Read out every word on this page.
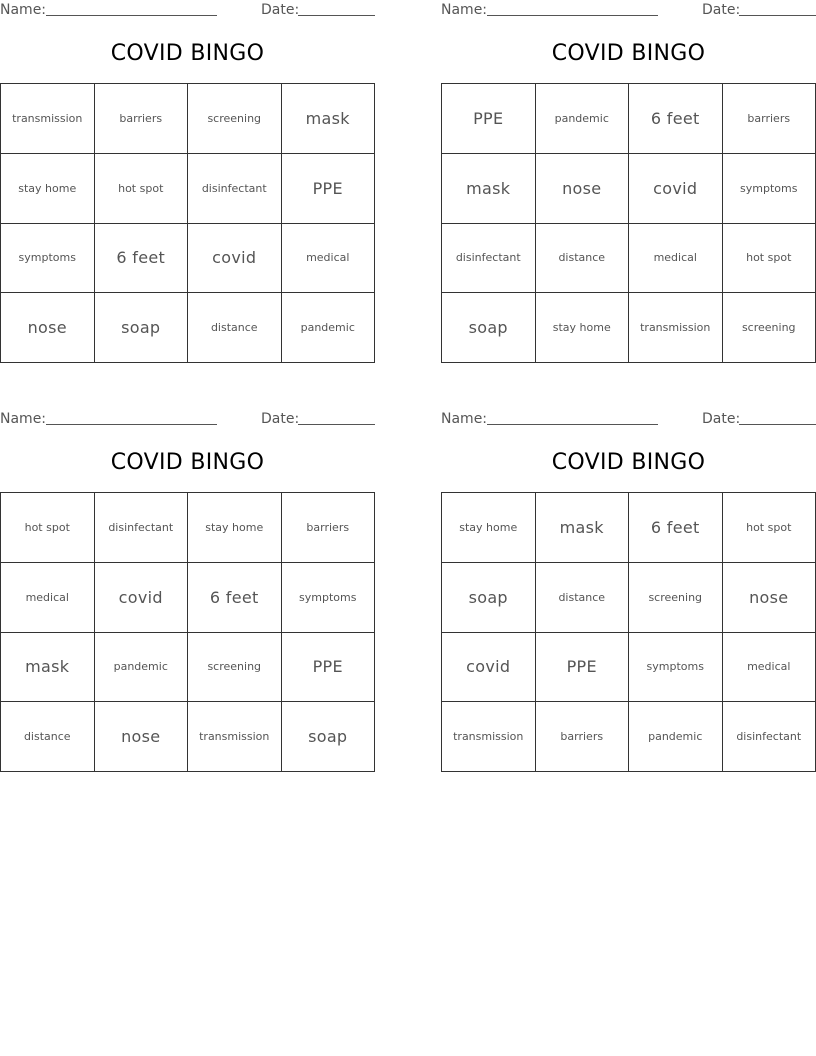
Name:	Date:
COVID BINGO
transmission	barriers	screening	mask
stay home	hot spot	disinfectant	PPE
symptoms	6 feet	covid	medical
nose	soap	distance	pandemic
Name:	Date:
COVID BINGO
PPE	pandemic	6 feet	barriers
mask	nose	covid	symptoms
disinfectant	distance	medical	hot spot
soap	stay home	transmission	screening
Name:	Date:
COVID BINGO
hot spot	disinfectant	stay home	barriers
medical	covid	6 feet	symptoms
mask	pandemic	screening	PPE
distance	nose	transmission	soap
Name:	Date:
COVID BINGO
stay home	mask	6 feet	hot spot
soap	distance	screening	nose
covid	PPE	symptoms	medical
transmission	barriers	pandemic	disinfectant
